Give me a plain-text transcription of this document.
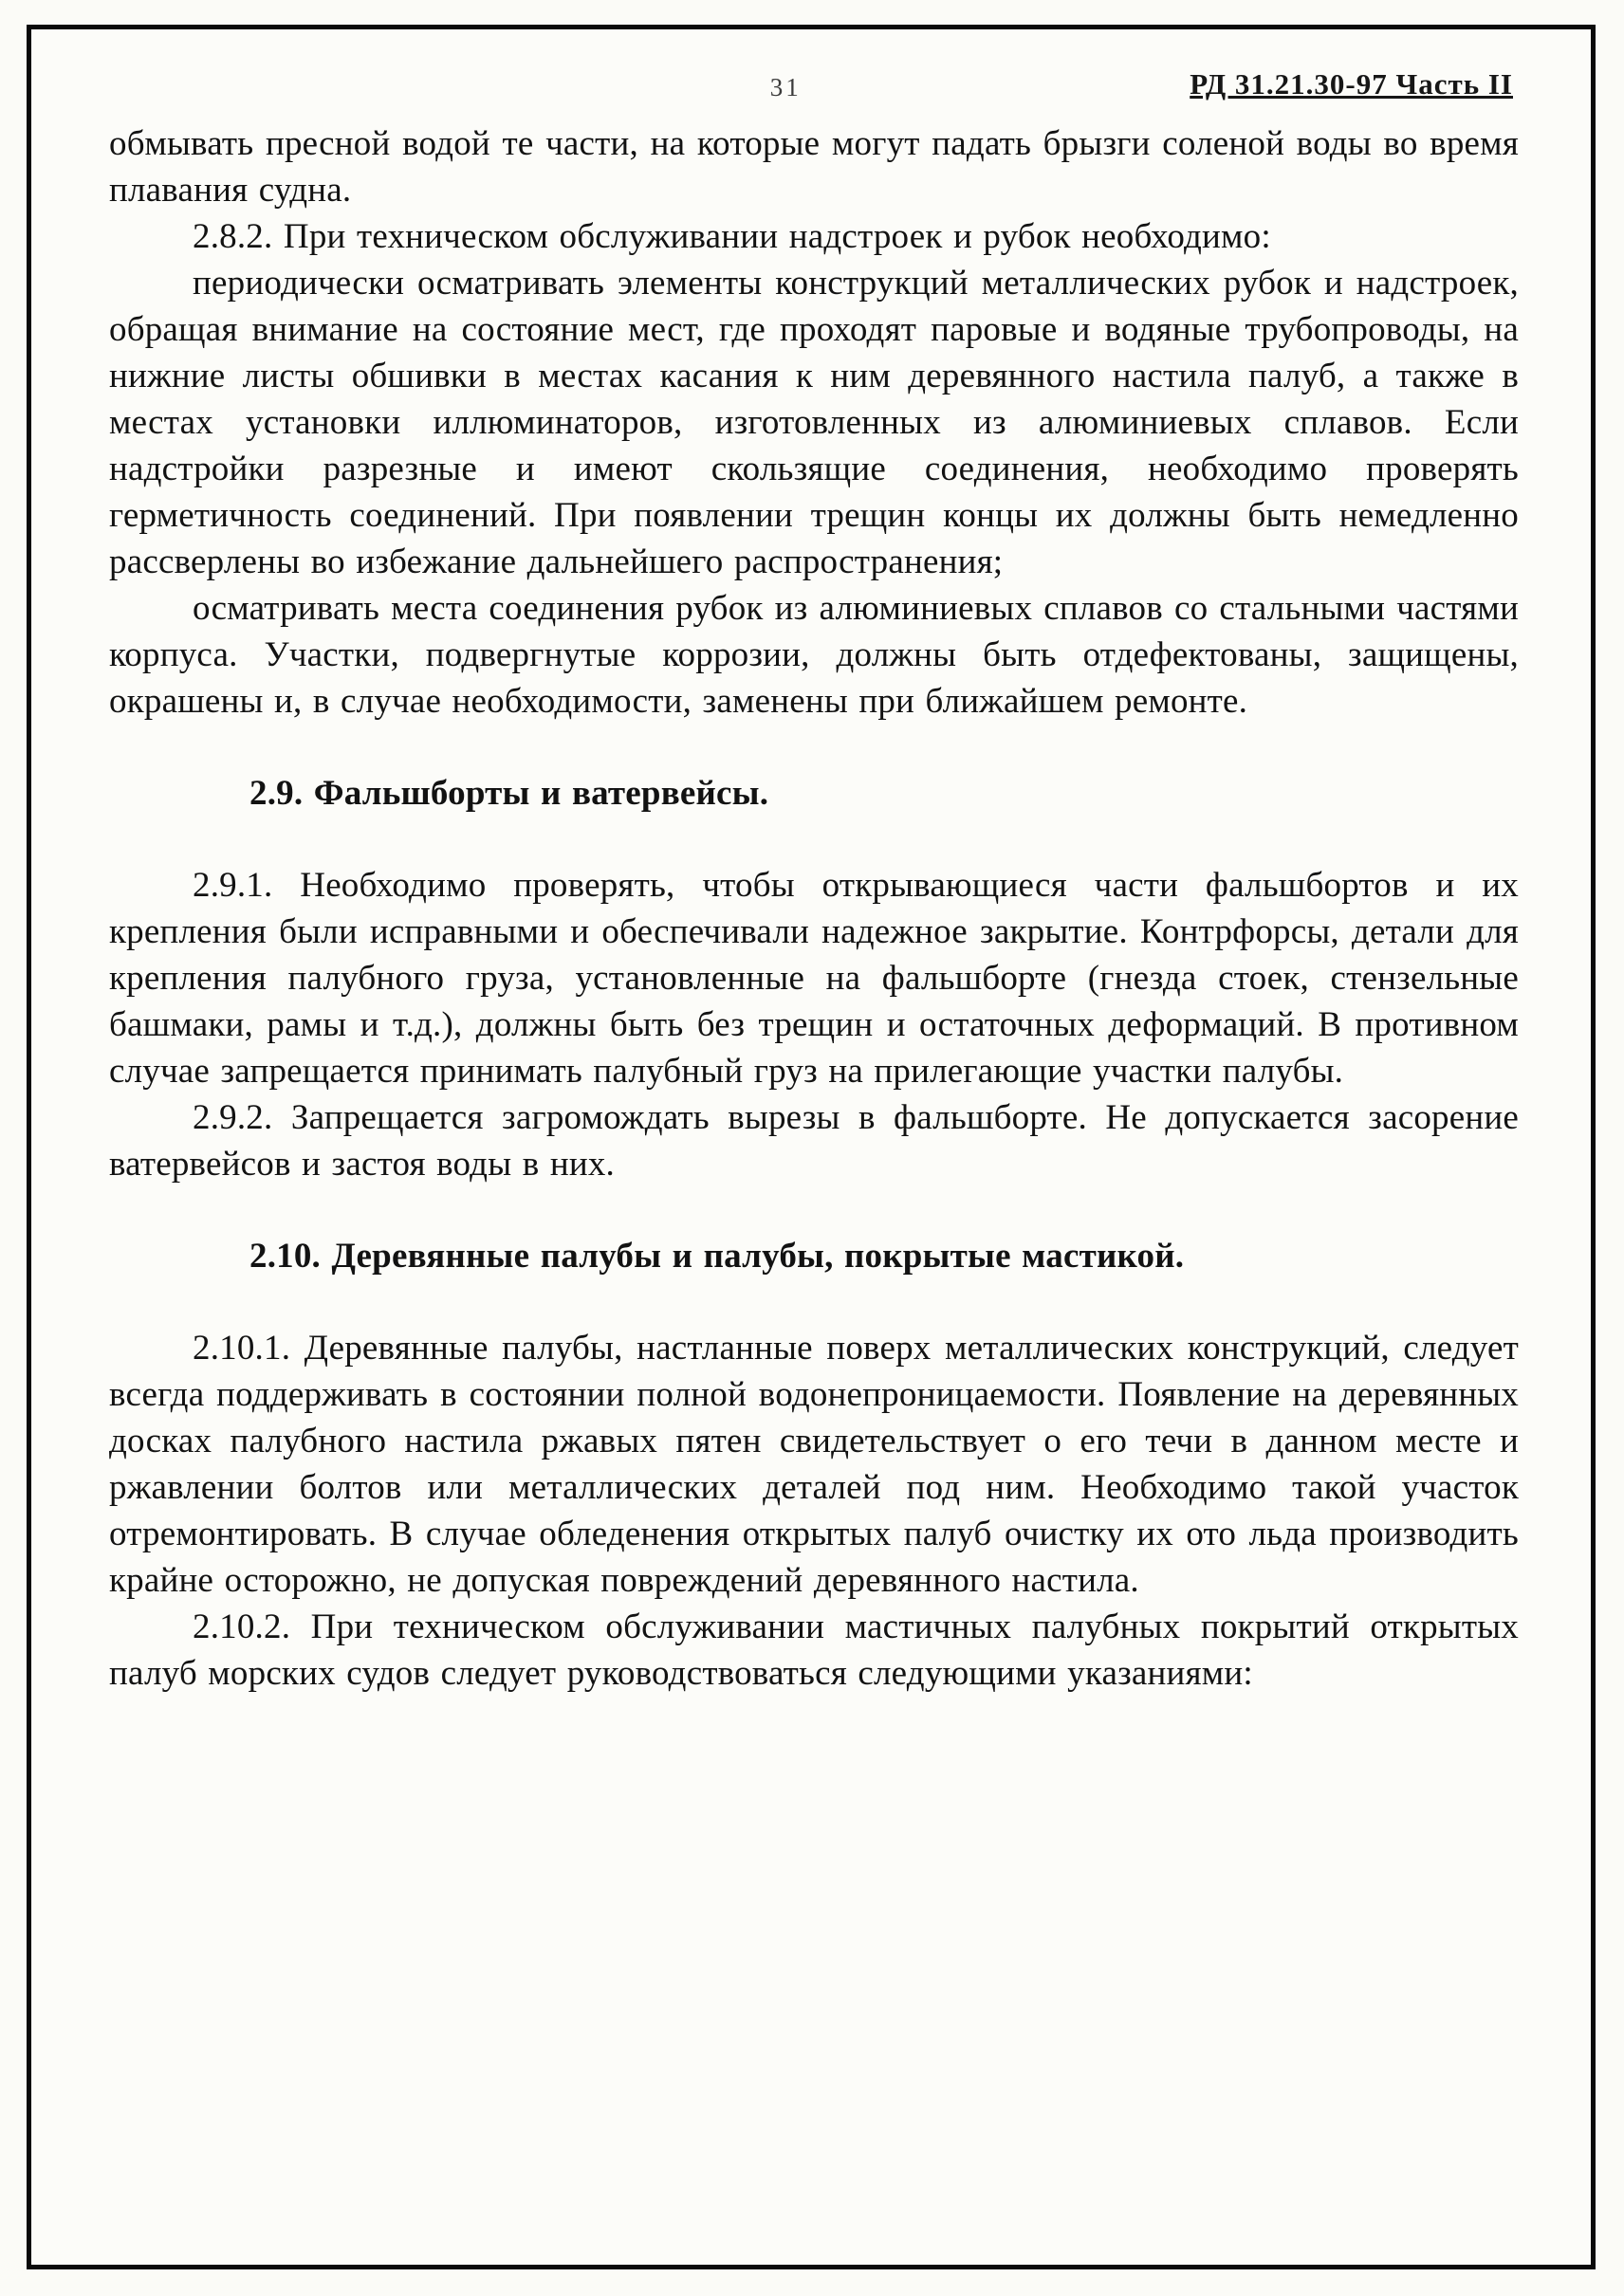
31	РД 31.21.30-97 Часть II

обмывать пресной водой те части, на которые могут падать брызги соленой воды во время плавания судна.

2.8.2. При техническом обслуживании надстроек и рубок необходимо:

периодически осматривать элементы конструкций металлических рубок и надстроек, обращая внимание на состояние мест, где проходят паровые и водяные трубопроводы, на нижние листы обшивки в местах касания к ним деревянного настила палуб, а также в местах установки иллюминаторов, изготовленных из алюминиевых сплавов. Если надстройки разрезные и имеют скользящие соединения, необходимо проверять герметичность соединений. При появлении трещин концы их должны быть немедленно рассверлены во избежание дальнейшего распространения;

осматривать места соединения рубок из алюминиевых сплавов со стальными частями корпуса. Участки, подвергнутые коррозии, должны быть отдефектованы, защищены, окрашены и, в случае необходимости, заменены при ближайшем ремонте.

2.9. Фальшборты и ватервейсы.

2.9.1. Необходимо проверять, чтобы открывающиеся части фальшбортов и их крепления были исправными и обеспечивали надежное закрытие. Контрфорсы, детали для крепления палубного груза, установленные на фальшборте (гнезда стоек, стензельные башмаки, рамы и т.д.), должны быть без трещин и остаточных деформаций. В противном случае запрещается принимать палубный груз на прилегающие участки палубы.

2.9.2. Запрещается загромождать вырезы в фальшборте. Не допускается засорение ватервейсов и застоя воды в них.

2.10. Деревянные палубы и палубы, покрытые мастикой.

2.10.1. Деревянные палубы, настланные поверх металлических конструкций, следует всегда поддерживать в состоянии полной водонепроницаемости. Появление на деревянных досках палубного настила ржавых пятен свидетельствует о его течи в данном месте и ржавлении болтов или металлических деталей под ним. Необходимо такой участок отремонтировать. В случае обледенения открытых палуб очистку их ото льда производить крайне осторожно, не допуская повреждений деревянного настила.

2.10.2. При техническом обслуживании мастичных палубных покрытий открытых палуб морских судов следует руководствоваться следующими указаниями:
